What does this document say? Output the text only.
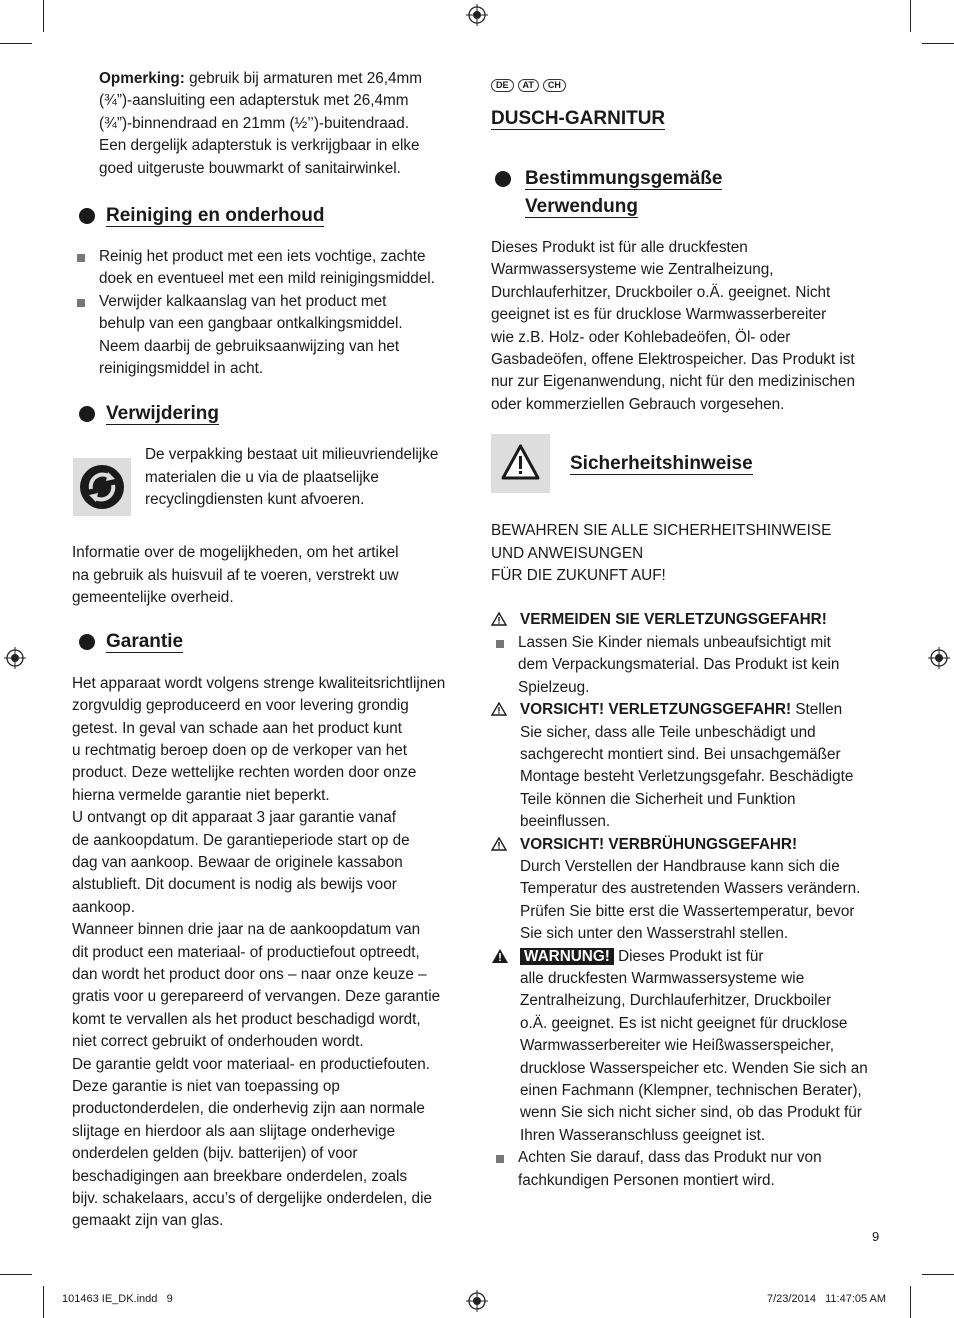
Opmerking: gebruik bij armaturen met 26,4mm

(¾”)-aansluiting een adapterstuk met 26,4mm

(¾”)-binnendraad en 21mm (½’’)-buitendraad.

Een dergelijk adapterstuk is verkrijgbaar in elke

goed uitgeruste bouwmarkt of sanitairwinkel.

Reiniging en onderhoud

Reinig het product met een iets vochtige, zachte

doek en eventueel met een mild reinigingsmiddel.

Verwijder kalkaanslag van het product met

behulp van een gangbaar ontkalkingsmiddel.

Neem daarbij de gebruiksaanwijzing van het

reinigingsmiddel in acht.

Verwijdering

De verpakking bestaat uit milieuvriendelijke

materialen die u via de plaatselijke

recyclingdiensten kunt afvoeren.

Informatie over de mogelijkheden, om het artikel

na gebruik als huisvuil af te voeren, verstrekt uw

gemeentelijke overheid.

Garantie

Het apparaat wordt volgens strenge kwaliteitsrichtlijnen

zorgvuldig geproduceerd en voor levering grondig

getest. In geval van schade aan het product kunt

u rechtmatig beroep doen op de verkoper van het

product. Deze wettelijke rechten worden door onze

hierna vermelde garantie niet beperkt.

U ontvangt op dit apparaat 3 jaar garantie vanaf

de aankoopdatum. De garantieperiode start op de

dag van aankoop. Bewaar de originele kassabon

alstublieft. Dit document is nodig als bewijs voor

aankoop.

Wanneer binnen drie jaar na de aankoopdatum van

dit product een materiaal- of productiefout optreedt,

dan wordt het product door ons – naar onze keuze –

gratis voor u gerepareerd of vervangen. Deze garantie

komt te vervallen als het product beschadigd wordt,

niet correct gebruikt of onderhouden wordt.

De garantie geldt voor materiaal- en productiefouten.

Deze garantie is niet van toepassing op

productonderdelen, die onderhevig zijn aan normale

slijtage en hierdoor als aan slijtage onderhevige

onderdelen gelden (bijv. batterijen) of voor

beschadigingen aan breekbare onderdelen, zoals

bijv. schakelaars, accu’s of dergelijke onderdelen, die

gemaakt zijn van glas.

DE AT CH
DUSCH-GARNITUR
Bestimmungsgemäße
Verwendung

Dieses Produkt ist für alle druckfesten

Warmwassersysteme wie Zentralheizung,

Durchlauferhitzer, Druckboiler o.Ä. geeignet. Nicht

geeignet ist es für drucklose Warmwasserbereiter

wie z.B. Holz- oder Kohlebadeöfen, Öl- oder

Gasbadeöfen, offene Elektrospeicher. Das Produkt ist

nur zur Eigenanwendung, nicht für den medizinischen

oder kommerziellen Gebrauch vorgesehen.

Sicherheitshinweise

BEWAHREN SIE ALLE SICHERHEITSHINWEISE

UND ANWEISUNGEN

FÜR DIE ZUKUNFT AUF!

VERMEIDEN SIE VERLETZUNGSGEFAHR!

Lassen Sie Kinder niemals unbeaufsichtigt mit

dem Verpackungsmaterial. Das Produkt ist kein

Spielzeug.

VORSICHT! VERLETZUNGSGEFAHR! Stellen

Sie sicher, dass alle Teile unbeschädigt und

sachgerecht montiert sind. Bei unsachgemäßer

Montage besteht Verletzungsgefahr. Beschädigte

Teile können die Sicherheit und Funktion

beeinflussen.

VORSICHT! VERBRÜHUNGSGEFAHR!

Durch Verstellen der Handbrause kann sich die

Temperatur des austretenden Wassers verändern.

Prüfen Sie bitte erst die Wassertemperatur, bevor

Sie sich unter den Wasserstrahl stellen.

WARNUNG! Dieses Produkt ist für

alle druckfesten Warmwassersysteme wie

Zentralheizung, Durchlauferhitzer, Druckboiler

o.Ä. geeignet. Es ist nicht geeignet für drucklose

Warmwasserbereiter wie Heißwasserspeicher,

drucklose Wasserspeicher etc. Wenden Sie sich an

einen Fachmann (Klempner, technischen Berater),

wenn Sie sich nicht sicher sind, ob das Produkt für

Ihren Wasseranschluss geeignet ist.

Achten Sie darauf, dass das Produkt nur von

fachkundigen Personen montiert wird.

9
101463 IE_DK.indd   9	7/23/2014   11:47:05 AM
